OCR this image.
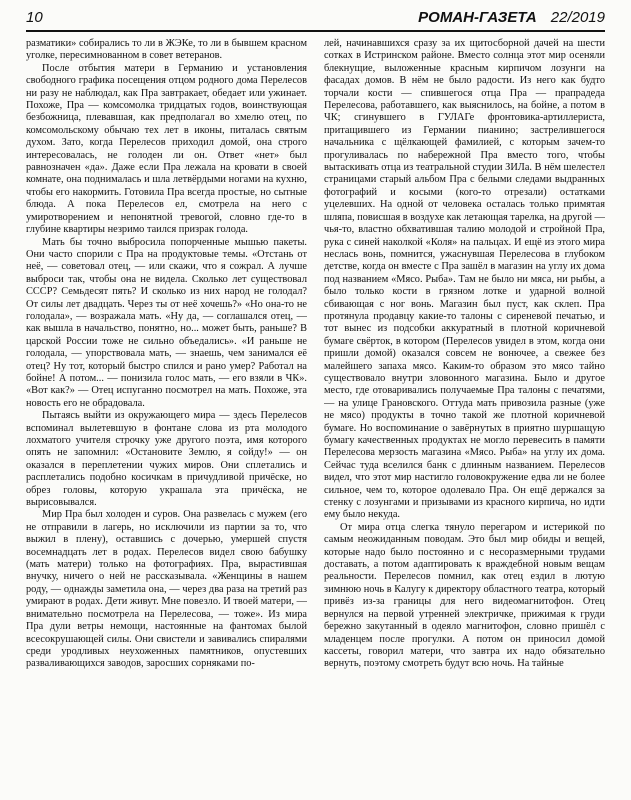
10	РОМАН-ГАЗЕТА 22/2019

разматики» собирались то ли в ЖЭКе, то ли в бывшем красном уголке, пересимнованном в совет ветеранов.

После отбытия матери в Германию и установления свободного графика посещения отцом родного дома Перелесов ни разу не наблюдал, как Пра завтракает, обедает или ужинает. Похоже, Пра — комсомолка тридцатых годов, воинствующая безбожница, плевавшая, как предполагал во хмелю отец, по комсомольскому обычаю тех лет в иконы, питалась святым духом. Зато, когда Перелесов приходил домой, она строго интересовалась, не голоден ли он. Ответ «нет» был равнозначен «да». Даже если Пра лежала на кровати в своей комнате, она поднималась и шла летвёрдыми ногами на кухню, чтобы его накормить. Готовила Пра всегда простые, но сытные блюда. А пока Перелесов ел, смотрела на него с умиротворением и непонятной тревогой, словно где-то в глубине квартиры незримо таился призрак голода.

Мать бы точно выбросила попорченные мышью пакеты. Они часто спорили с Пра на продуктовые темы. «Отстань от неё, — советовал отец, — или скажи, что я сожрал. А лучше выброси так, чтобы она не видела. Сколько лет существовал СССР? Семьдесят пять? И сколько из них народ не голодал? От силы лет двадцать. Через ты от неё хочешь?» «Но она-то не голодала», — возражала мать. «Ну да, — соглашался отец, — как вышла в начальство, понятно, но... может быть, раньше? В царской России тоже не сильно объедались». «И раньше не голодала, — упорствовала мать, — знаешь, чем занимался её отец? Ну тот, который быстро спился и рано умер? Работал на бойне! А потом... — понизила голос мать, — его взяли в ЧК». «Вот как?» — Отец испуганно посмотрел на мать. Похоже, эта новость его не обрадовала.

Пытаясь выйти из окружающего мира — здесь Перелесов вспоминал вылетевшую в фонтане слова из рта молодого лохматого учителя строчку уже другого поэта, имя которого опять не запомнил: «Остановите Землю, я сойду!» — он оказался в переплетении чужих миров. Они сплетались и расплетались подобно косичкам в причудливой причёске, но обрез головы, которую украшала эта причёска, не вырисовывался.

Мир Пра был холоден и суров. Она развелась с мужем (его не отправили в лагерь, но исключили из партии за то, что выжил в плену), оставшись с дочерью, умершей спустя восемнадцать лет в родах. Перелесов видел свою бабушку (мать матери) только на фотографиях. Пра, вырастившая внучку, ничего о ней не рассказывала. «Женщины в нашем роду, — однажды заметила она, — через два раза на третий раз умирают в родах. Дети живут. Мне повезло. И твоей матери, — внимательно посмотрела на Перелесова, — тоже». Из мира Пра дули ветры немощи, настоянные на фантомах былой всесокрушающей силы. Они свистели и завивались спиралями среди уродливых неухоженных памятников, опустевших разваливающихся заводов, заросших сорняками по-

лей, начинавшихся сразу за их щитосборной дачей на шести сотках в Истринском районе. Вместо солнца этот мир осеняли блекнущие, выложенные красным кирпичом лозунги на фасадах домов. В нём не было радости. Из него как будто торчали кости — спившегося отца Пра — прапрадеда Перелесова, работавшего, как выяснилось, на бойне, а потом в ЧК; сгинувшего в ГУЛАГе фронтовика-артиллериста, притащившего из Германии пианино; застрелившегося начальника с щёлкающей фамилией, с которым зачем-то прогуливалась по набережной Пра вместо того, чтобы вытаскивать отца из театральной студии ЗИЛа. В нём шелестел страницами старый альбом Пра с белыми следами выдранных фотографий и косыми (кого-то отрезали) остатками уцелевших. На одной от человека осталась только примятая шляпа, повисшая в воздухе как летающая тарелка, на другой — чья-то, властно обхватившая талию молодой и стройной Пра, рука с синей наколкой «Коля» на пальцах. И ещё из этого мира неслась вонь, помнится, ужаснувшая Перелесова в глубоком детстве, когда он вместе с Пра зашёл в магазин на углу их дома под названием «Мясо. Рыба». Там не было ни мяса, ни рыбы, а было только кости в грязном лотке и ударной волной сбивающая с ног вонь. Магазин был пуст, как склеп. Пра протянула продавцу какие-то талоны с сиреневой печатью, и тот вынес из подсобки аккуратный в плотной коричневой бумаге свёрток, в котором (Перелесов увидел в этом, когда они пришли домой) оказался совсем не вонючее, а свежее без малейшего запаха мясо. Каким-то образом это мясо тайно существовало внутри зловонного магазина. Было и другое место, где отоваривались получаемые Пра талоны с печатями, — на улице Грановского. Оттуда мать привозила разные (уже не мясо) продукты в точно такой же плотной коричневой бумаге. Но воспоминание о завёрнутых в приятно шуршащую бумагу качественных продуктах не могло перевесить в памяти Перелесова мерзость магазина «Мясо. Рыба» на углу их дома. Сейчас туда вселился банк с длинным названием. Перелесов видел, что этот мир настигло головокружение едва ли не более сильное, чем то, которое одолевало Пра. Он ещё держался за стенку с лозунгами и призывами из красного кирпича, но идти ему было некуда.

От мира отца слегка тянуло перегаром и истерикой по самым неожиданным поводам. Это был мир обиды и вещей, которые надо было постоянно и с несоразмерными трудами доставать, а потом адаптировать к враждебной новым вещам реальности. Перелесов помнил, как отец ездил в лютую зимнюю ночь в Калугу к директору областного театра, который привёз из-за границы для него видеомагнитофон. Отец вернулся на первой утренней электричке, прижимая к груди бережно закутанный в одеяло магнитофон, словно пришёл с младенцем после прогулки. А потом он приносил домой кассеты, говорил матери, что завтра их надо обязательно вернуть, поэтому смотреть будут всю ночь. На тайные
